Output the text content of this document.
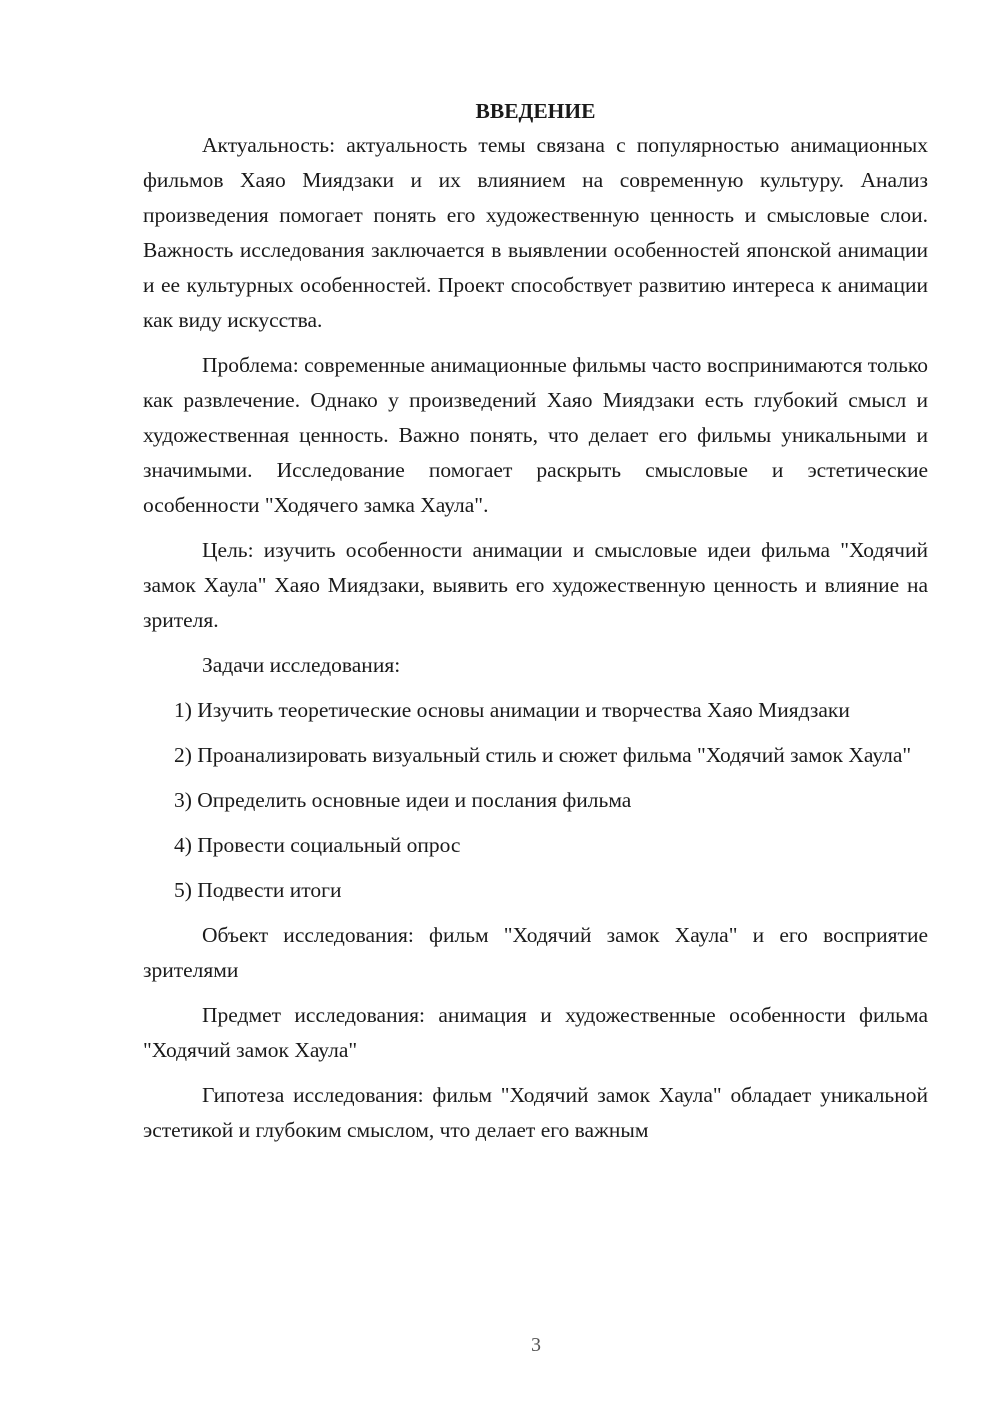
ВВЕДЕНИЕ

Актуальность: актуальность темы связана с популярностью анимационных фильмов Хаяо Миядзаки и их влиянием на современную культуру. Анализ произведения помогает понять его художественную ценность и смысловые слои. Важность исследования заключается в выявлении особенностей японской анимации и ее культурных особенностей. Проект способствует развитию интереса к анимации как виду искусства.

Проблема: современные анимационные фильмы часто воспринимаются только как развлечение. Однако у произведений Хаяо Миядзаки есть глубокий смысл и художественная ценность. Важно понять, что делает его фильмы уникальными и значимыми. Исследование помогает раскрыть смысловые и эстетические особенности "Ходячего замка Хаула".

Цель: изучить особенности анимации и смысловые идеи фильма "Ходячий замок Хаула" Хаяо Миядзаки, выявить его художественную ценность и влияние на зрителя.

Задачи исследования:

1) Изучить теоретические основы анимации и творчества Хаяо Миядзаки

2) Проанализировать визуальный стиль и сюжет фильма "Ходячий замок Хаула"

3) Определить основные идеи и послания фильма

4) Провести социальный опрос

5) Подвести итоги

Объект исследования: фильм "Ходячий замок Хаула" и его восприятие зрителями

Предмет исследования: анимация и художественные особенности фильма "Ходячий замок Хаула"

Гипотеза исследования: фильм "Ходячий замок Хаула" обладает уникальной эстетикой и глубоким смыслом, что делает его важным

3
